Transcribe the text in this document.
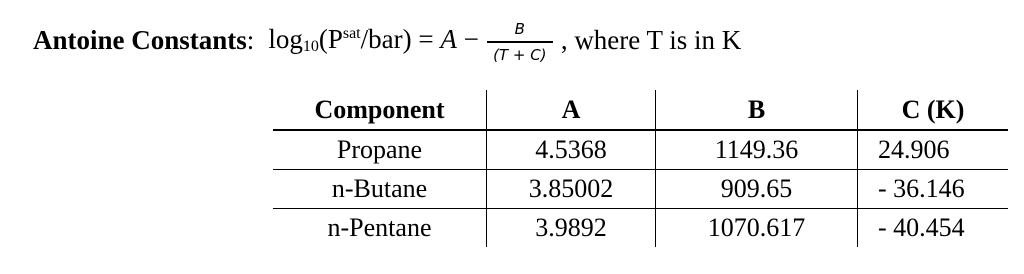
Antoine Constants : $\log_{10}(P^{sat}/bar) = A - \frac{B}{(T + C)}$ , where T is in K
Component	A	B	C (K)
Propane	4.5368	1149.36	24.906
n-Butane	3.85002	909.65	- 36.146
n-Pentane	3.9892	1070.617	- 40.454
